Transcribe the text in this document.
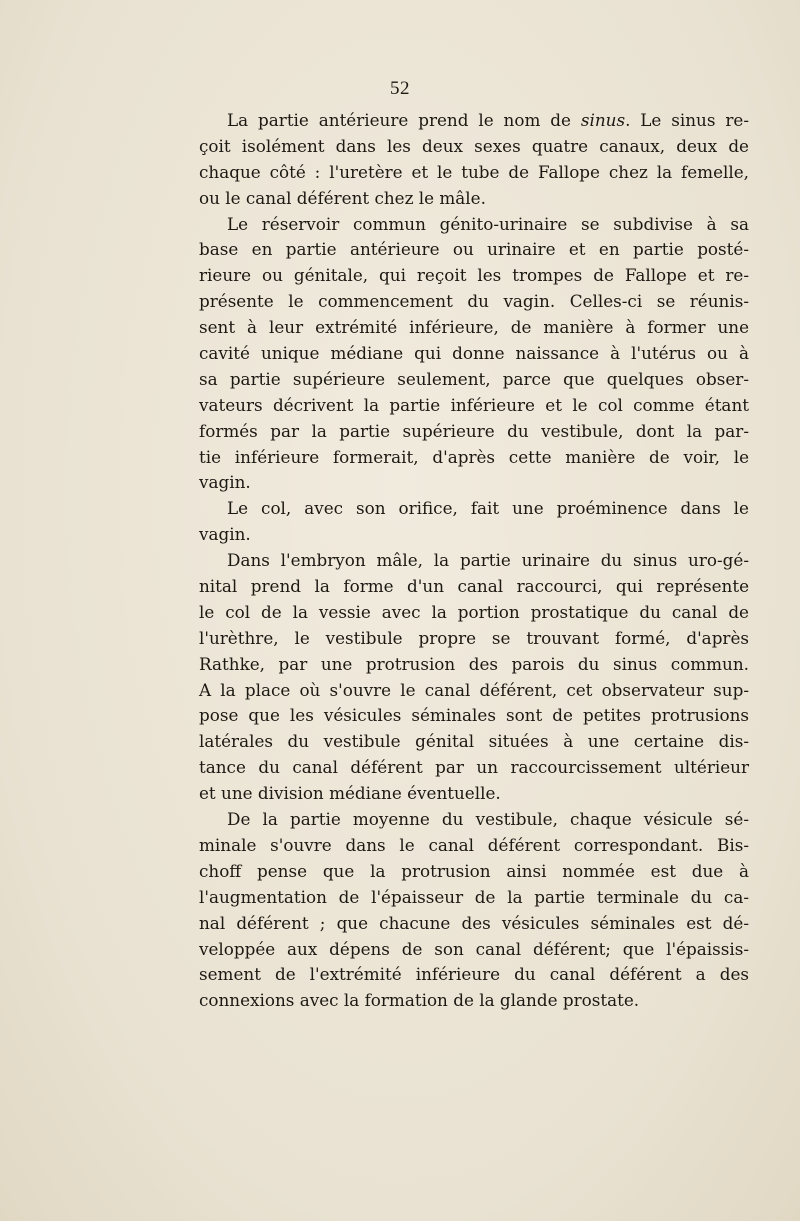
52
La partie antérieure prend le nom de sinus. Le sinus re-
çoit isolément dans les deux sexes quatre canaux, deux de
chaque côté : l'uretère et le tube de Fallope chez la femelle,
ou le canal déférent chez le mâle.
Le réservoir commun génito-urinaire se subdivise à sa
base en partie antérieure ou urinaire et en partie posté-
rieure ou génitale, qui reçoit les trompes de Fallope et re-
présente le commencement du vagin. Celles-ci se réunis-
sent à leur extrémité inférieure, de manière à former une
cavité unique médiane qui donne naissance à l'utérus ou à
sa partie supérieure seulement, parce que quelques obser-
vateurs décrivent la partie inférieure et le col comme étant
formés par la partie supérieure du vestibule, dont la par-
tie inférieure formerait, d'après cette manière de voir, le
vagin.
Le col, avec son orifice, fait une proéminence dans le
vagin.
Dans l'embryon mâle, la partie urinaire du sinus uro-gé-
nital prend la forme d'un canal raccourci, qui représente
le col de la vessie avec la portion prostatique du canal de
l'urèthre, le vestibule propre se trouvant formé, d'après
Rathke, par une protrusion des parois du sinus commun.
A la place où s'ouvre le canal déférent, cet observateur sup-
pose que les vésicules séminales sont de petites protrusions
latérales du vestibule génital situées à une certaine dis-
tance du canal déférent par un raccourcissement ultérieur
et une division médiane éventuelle.
De la partie moyenne du vestibule, chaque vésicule sé-
minale s'ouvre dans le canal déférent correspondant. Bis-
choff pense que la protrusion ainsi nommée est due à
l'augmentation de l'épaisseur de la partie terminale du ca-
nal déférent ; que chacune des vésicules séminales est dé-
veloppée aux dépens de son canal déférent; que l'épaissis-
sement de l'extrémité inférieure du canal déférent a des
connexions avec la formation de la glande prostate.
